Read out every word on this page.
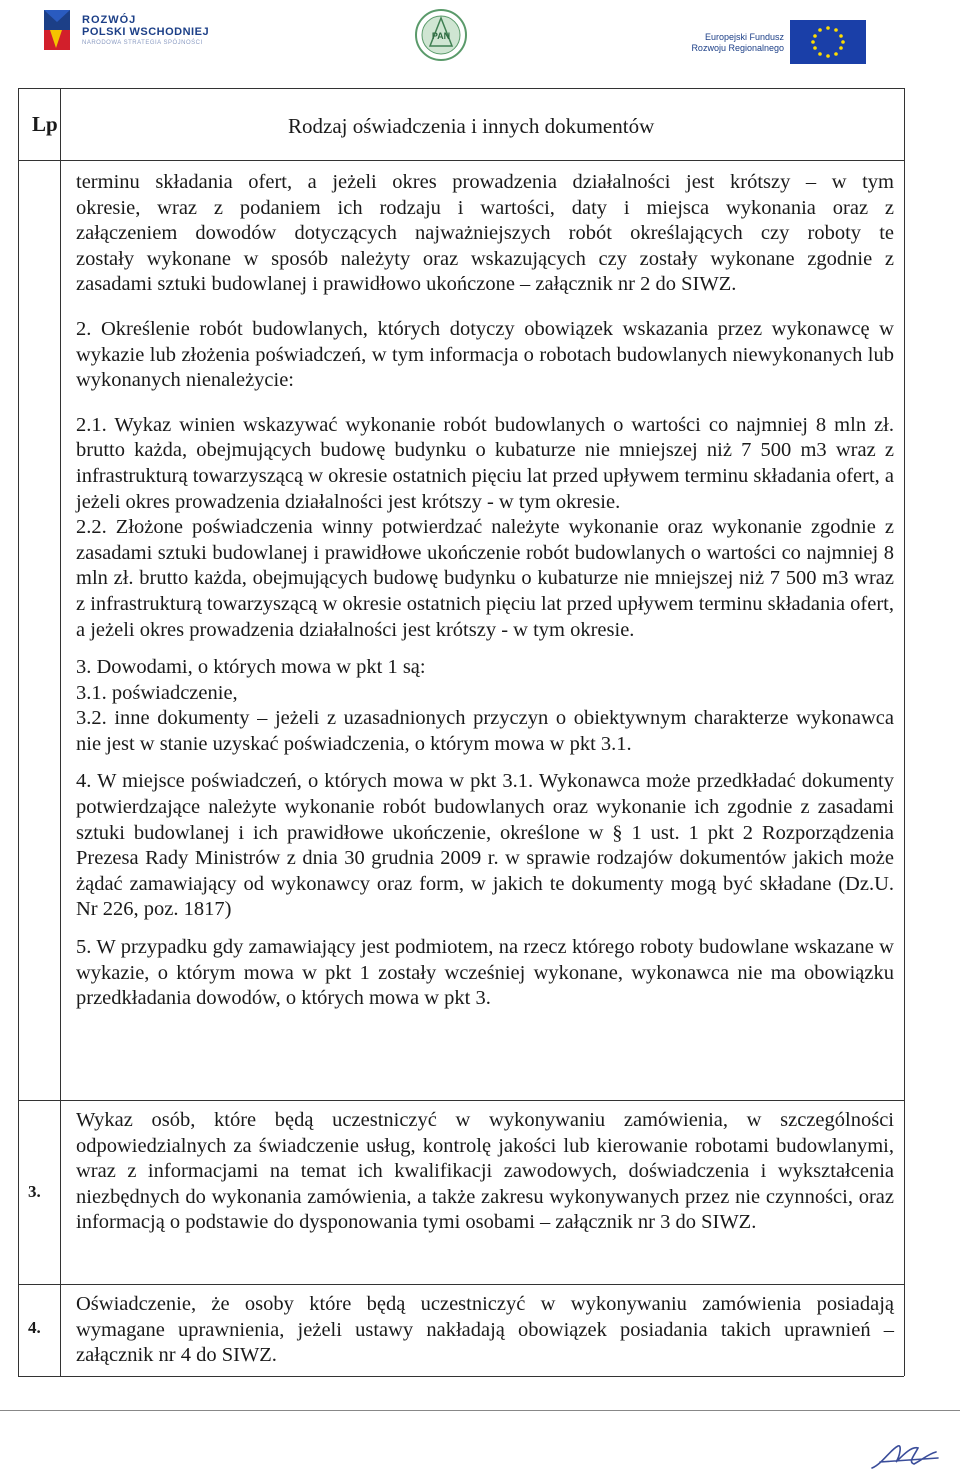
ROZWÓJ
POLSKI WSCHODNIEJ
NARODOWA STRATEGIA SPÓJNOŚCI
PAN	Europejski Fundusz
Rozwoju Regionalnego
Lp	Rodzaj oświadczenia i innych dokumentów

terminu składania ofert, a jeżeli okres prowadzenia działalności jest krótszy – w tym

okresie, wraz z podaniem ich rodzaju i wartości, daty i miejsca wykonania oraz z

załączeniem dowodów dotyczących najważniejszych robót określających czy roboty te

zostały wykonane w sposób należyty oraz wskazujących czy zostały wykonane zgodnie z

zasadami sztuki budowlanej i prawidłowo ukończone – załącznik nr 2 do SIWZ.

2. Określenie robót budowlanych, których dotyczy obowiązek wskazania przez wykonawcę w wykazie lub złożenia poświadczeń, w tym informacja o robotach budowlanych niewykonanych lub wykonanych nienależycie:

2.1. Wykaz winien wskazywać wykonanie robót budowlanych o wartości co najmniej 8 mln zł. brutto każda, obejmujących budowę budynku o kubaturze nie mniejszej niż 7 500 m3 wraz z infrastrukturą towarzyszącą w okresie ostatnich pięciu lat przed upływem terminu składania ofert, a jeżeli okres prowadzenia działalności jest krótszy - w tym okresie.

2.2. Złożone poświadczenia winny potwierdzać należyte wykonanie oraz wykonanie zgodnie z zasadami sztuki budowlanej i prawidłowe ukończenie robót budowlanych o wartości co najmniej 8 mln zł. brutto każda, obejmujących budowę budynku o kubaturze nie mniejszej niż 7 500 m3 wraz z infrastrukturą towarzyszącą w okresie ostatnich pięciu lat przed upływem terminu składania ofert, a jeżeli okres prowadzenia działalności jest krótszy - w tym okresie.

3. Dowodami, o których mowa w pkt 1 są:

3.1. poświadczenie,

3.2. inne dokumenty – jeżeli z uzasadnionych przyczyn o obiektywnym charakterze wykonawca nie jest w stanie uzyskać poświadczenia, o którym mowa w pkt 3.1.

4. W miejsce poświadczeń, o których mowa w pkt 3.1. Wykonawca może przedkładać dokumenty potwierdzające należyte wykonanie robót budowlanych oraz wykonanie ich zgodnie z zasadami sztuki budowlanej i ich prawidłowe ukończenie, określone w § 1 ust. 1 pkt 2 Rozporządzenia Prezesa Rady Ministrów z dnia 30 grudnia 2009 r. w sprawie rodzajów dokumentów jakich może żądać zamawiający od wykonawcy oraz form, w jakich te dokumenty mogą być składane (Dz.U. Nr 226, poz. 1817)

5. W przypadku gdy zamawiający jest podmiotem, na rzecz którego roboty budowlane wskazane w wykazie, o którym mowa w pkt 1 zostały wcześniej wykonane, wykonawca nie ma obowiązku przedkładania dowodów, o których mowa w pkt 3.

3.

Wykaz osób, które będą uczestniczyć w wykonywaniu zamówienia, w szczególności odpowiedzialnych za świadczenie usług, kontrolę jakości lub kierowanie robotami budowlanymi, wraz z informacjami na temat ich kwalifikacji zawodowych, doświadczenia i wykształcenia niezbędnych do wykonania zamówienia, a także zakresu wykonywanych przez nie czynności, oraz informacją o podstawie do dysponowania tymi osobami – załącznik nr 3 do SIWZ.

4.

Oświadczenie, że osoby które będą uczestniczyć w wykonywaniu zamówienia posiadają wymagane uprawnienia, jeżeli ustawy nakładają obowiązek posiadania takich uprawnień – załącznik nr 4 do SIWZ.
